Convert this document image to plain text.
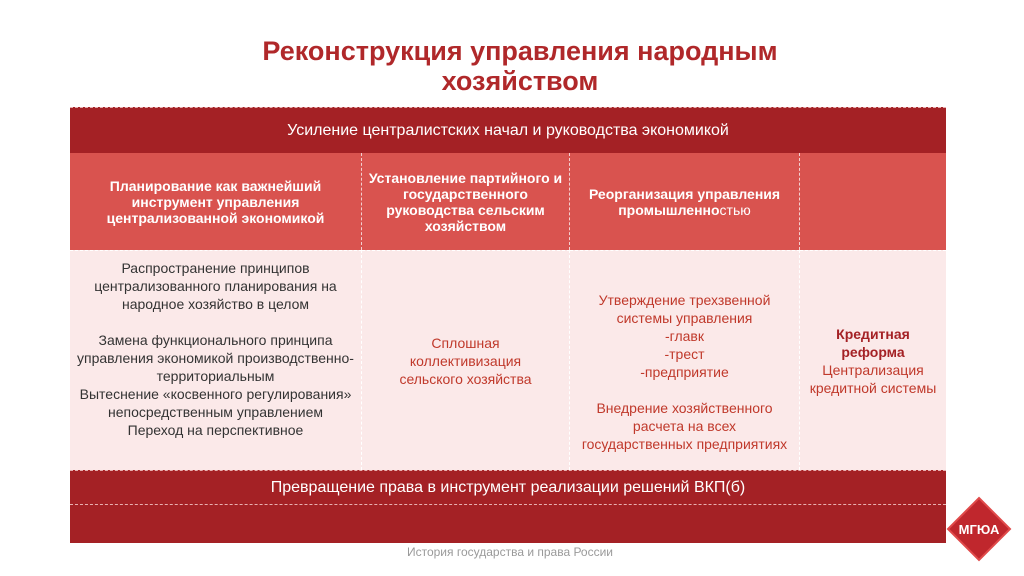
Реконструкция управления народным
хозяйством
Усиление централистских начал и руководства экономикой
Планирование как важнейший инструмент управления централизованной экономикой
Установление партийного и государственного руководства сельским хозяйством
Реорганизация управления промышленностью
Распространение принципов централизованного планирования на народное хозяйство в целом
Замена функционального принципа управления экономикой производственно-территориальным
Вытеснение «косвенного регулирования» непосредственным управлением
Переход на перспективное
Сплошная коллективизация сельского хозяйства
Утверждение трехзвенной системы управления
-главк
-трест
-предприятие
Внедрение хозяйственного расчета на всех государственных предприятиях
Кредитная реформа
Централизация кредитной системы
Превращение права в инструмент реализации решений ВКП(б)
История государства и права России
МГЮА
